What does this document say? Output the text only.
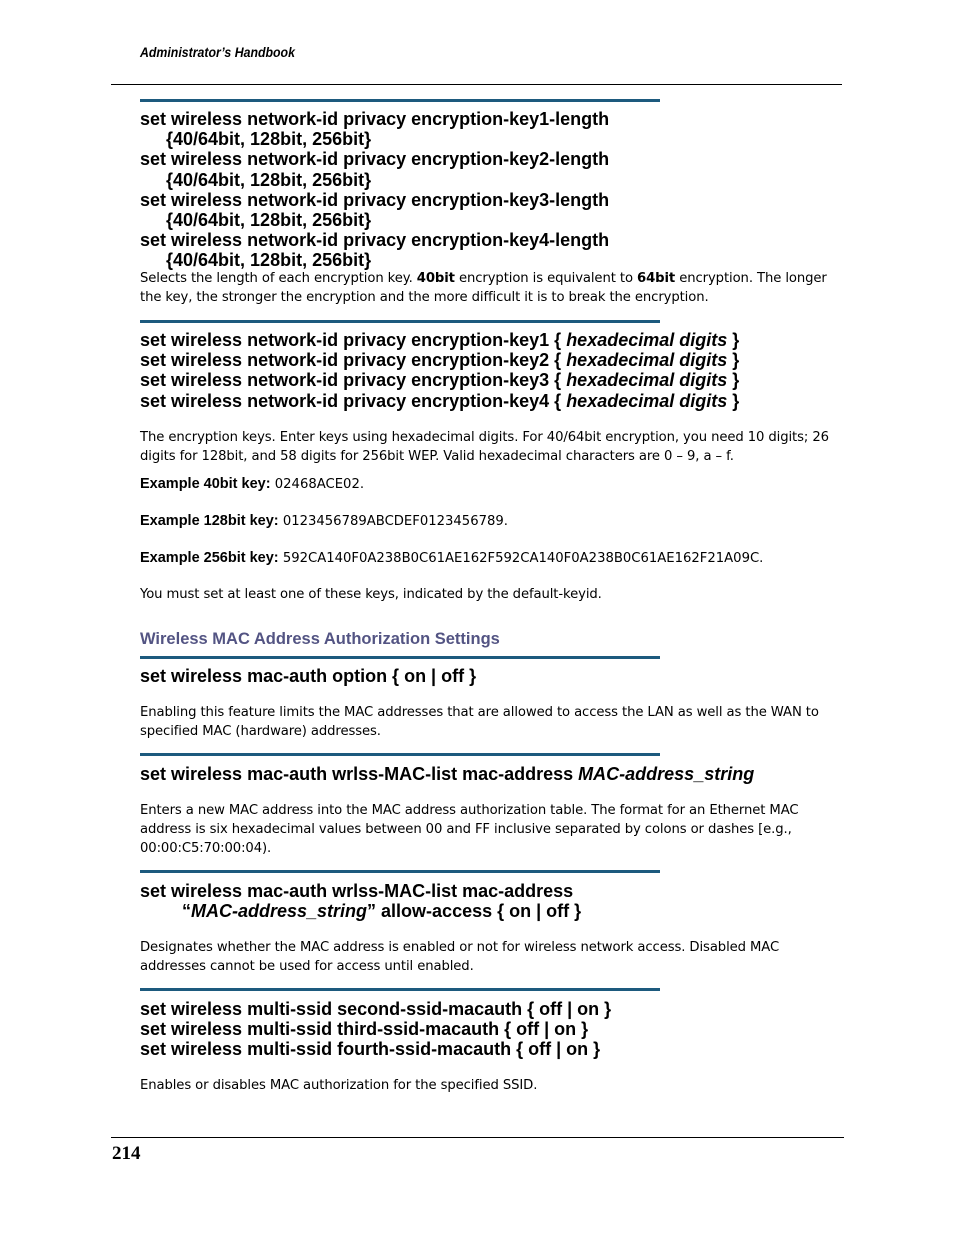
Administrator’s Handbook
set wireless network-id privacy encryption-key1-length
{40/64bit, 128bit, 256bit}
set wireless network-id privacy encryption-key2-length
{40/64bit, 128bit, 256bit}
set wireless network-id privacy encryption-key3-length
{40/64bit, 128bit, 256bit}
set wireless network-id privacy encryption-key4-length
{40/64bit, 128bit, 256bit}
Selects the length of each encryption key. 40bit encryption is equivalent to 64bit encryption. The longer the key, the stronger the encryption and the more difficult it is to break the encryption.
set wireless network-id privacy encryption-key1 { hexadecimal digits }
set wireless network-id privacy encryption-key2 { hexadecimal digits }
set wireless network-id privacy encryption-key3 { hexadecimal digits }
set wireless network-id privacy encryption-key4 { hexadecimal digits }
The encryption keys. Enter keys using hexadecimal digits. For 40/64bit encryption, you need 10 digits; 26 digits for 128bit, and 58 digits for 256bit WEP. Valid hexadecimal characters are 0 – 9, a – f.
Example 40bit key: 02468ACE02.
Example 128bit key: 0123456789ABCDEF0123456789.
Example 256bit key: 592CA140F0A238B0C61AE162F592CA140F0A238B0C61AE162F21A09C.
You must set at least one of these keys, indicated by the default-keyid.
Wireless MAC Address Authorization Settings
set wireless mac-auth option { on | off }
Enabling this feature limits the MAC addresses that are allowed to access the LAN as well as the WAN to specified MAC (hardware) addresses.
set wireless mac-auth wrlss-MAC-list mac-address MAC-address_string
Enters a new MAC address into the MAC address authorization table. The format for an Ethernet MAC address is six hexadecimal values between 00 and FF inclusive separated by colons or dashes [e.g., 00:00:C5:70:00:04).
set wireless mac-auth wrlss-MAC-list mac-address
“MAC-address_string” allow-access { on | off }
Designates whether the MAC address is enabled or not for wireless network access. Disabled MAC addresses cannot be used for access until enabled.
set wireless multi-ssid second-ssid-macauth { off | on }
set wireless multi-ssid third-ssid-macauth { off | on }
set wireless multi-ssid fourth-ssid-macauth { off | on }
Enables or disables MAC authorization for the specified SSID.
214
